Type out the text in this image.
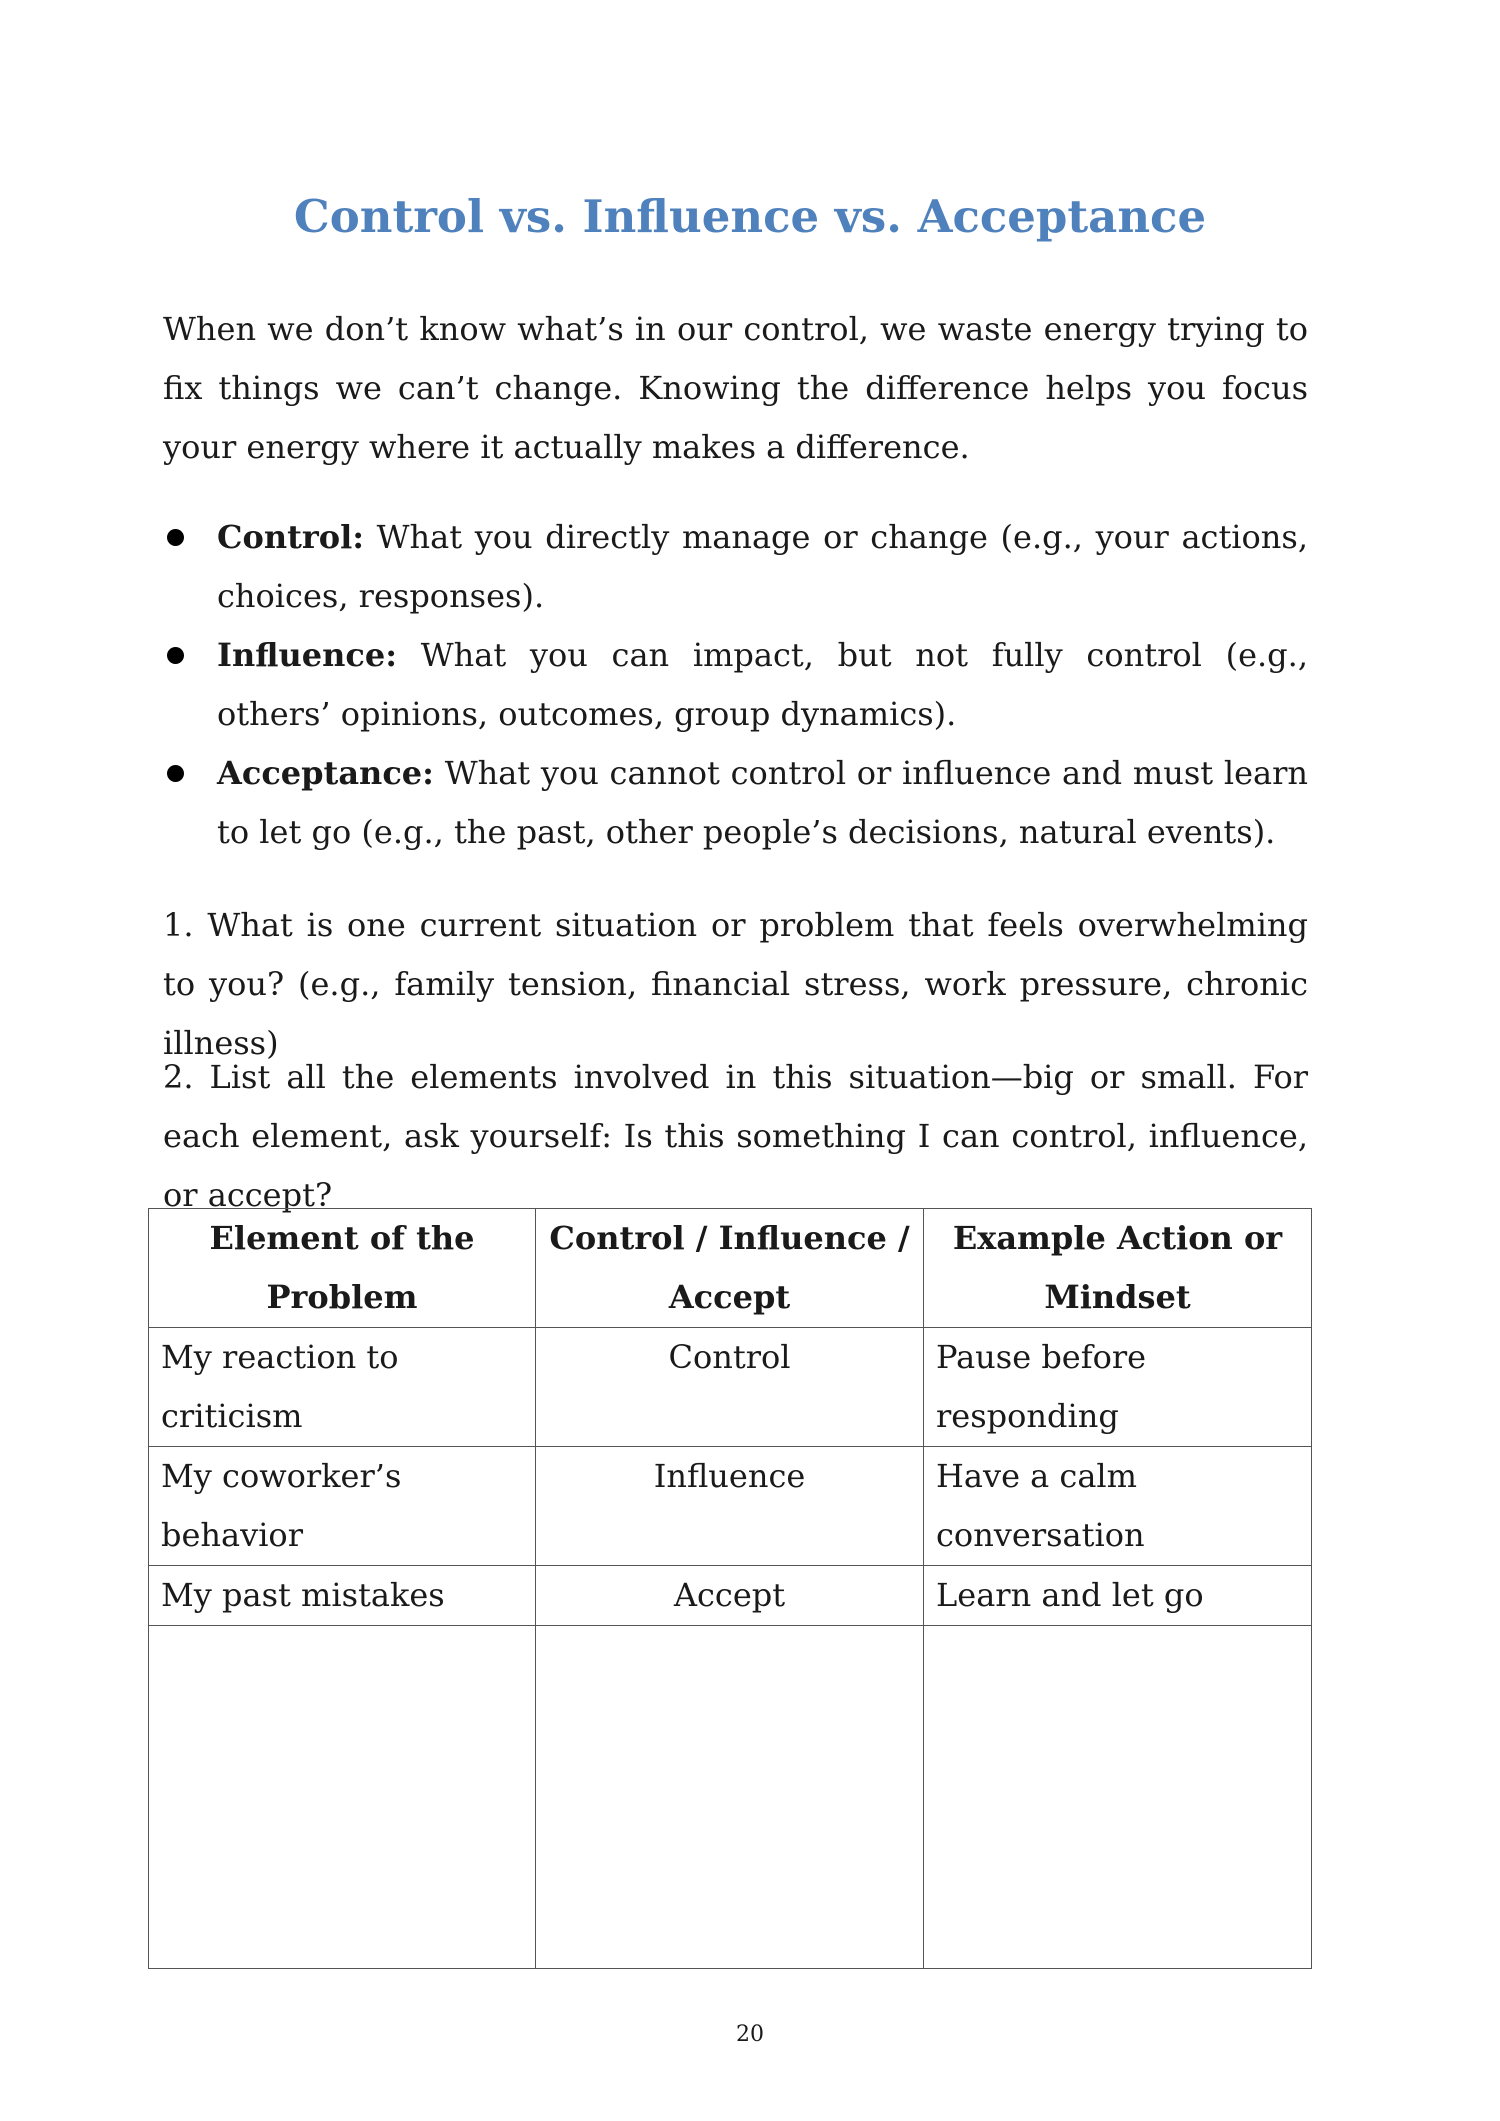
Control vs. Influence vs. Acceptance

When we don’t know what’s in our control, we waste energy trying to fix things we can’t change. Knowing the difference helps you focus your energy where it actually makes a difference.

Control: What you directly manage or change (e.g., your actions, choices, responses).
Influence: What you can impact, but not fully control (e.g., others’ opinions, outcomes, group dynamics).
Acceptance: What you cannot control or influence and must learn to let go (e.g., the past, other people’s decisions, natural events).

1. What is one current situation or problem that feels overwhelming to you? (e.g., family tension, financial stress, work pressure, chronic illness)

2. List all the elements involved in this situation—big or small. For each element, ask yourself: Is this something I can control, influence, or accept?

Element of the Problem	Control / Influence / Accept	Example Action or Mindset
My reaction to criticism	Control	Pause before responding
My coworker’s behavior	Influence	Have a calm conversation
My past mistakes	Accept	Learn and let go

20
